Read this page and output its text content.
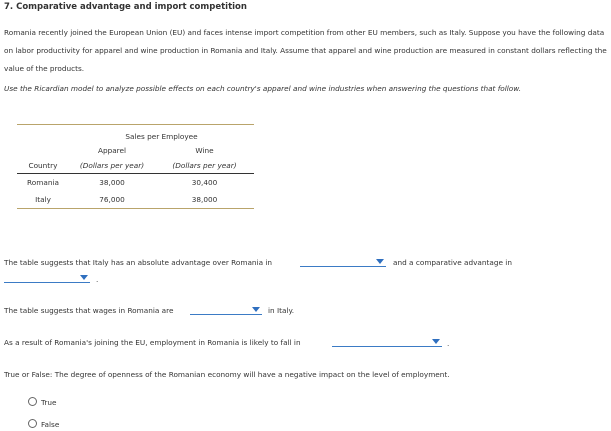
7. Comparative advantage and import competition
Romania recently joined the European Union (EU) and faces intense import competition from other EU members, such as Italy. Suppose you have the following data on labor productivity for apparel and wine production in Romania and Italy. Assume that apparel and wine production are measured in constant dollars reflecting the value of the products.
Use the Ricardian model to analyze possible effects on each country's apparel and wine industries when answering the questions that follow.
	Sales per Employee	
	Apparel	Wine
Country	(Dollars per year)	(Dollars per year)

Romania	38,000	30,400
Italy	76,000	38,000
The table suggests that Italy has an absolute advantage over Romania in	and a comparative advantage in
.
The table suggests that wages in Romania are	in Italy.
As a result of Romania's joining the EU, employment in Romania is likely to fall in	.
True or False: The degree of openness of the Romanian economy will have a negative impact on the level of employment.
True
False
